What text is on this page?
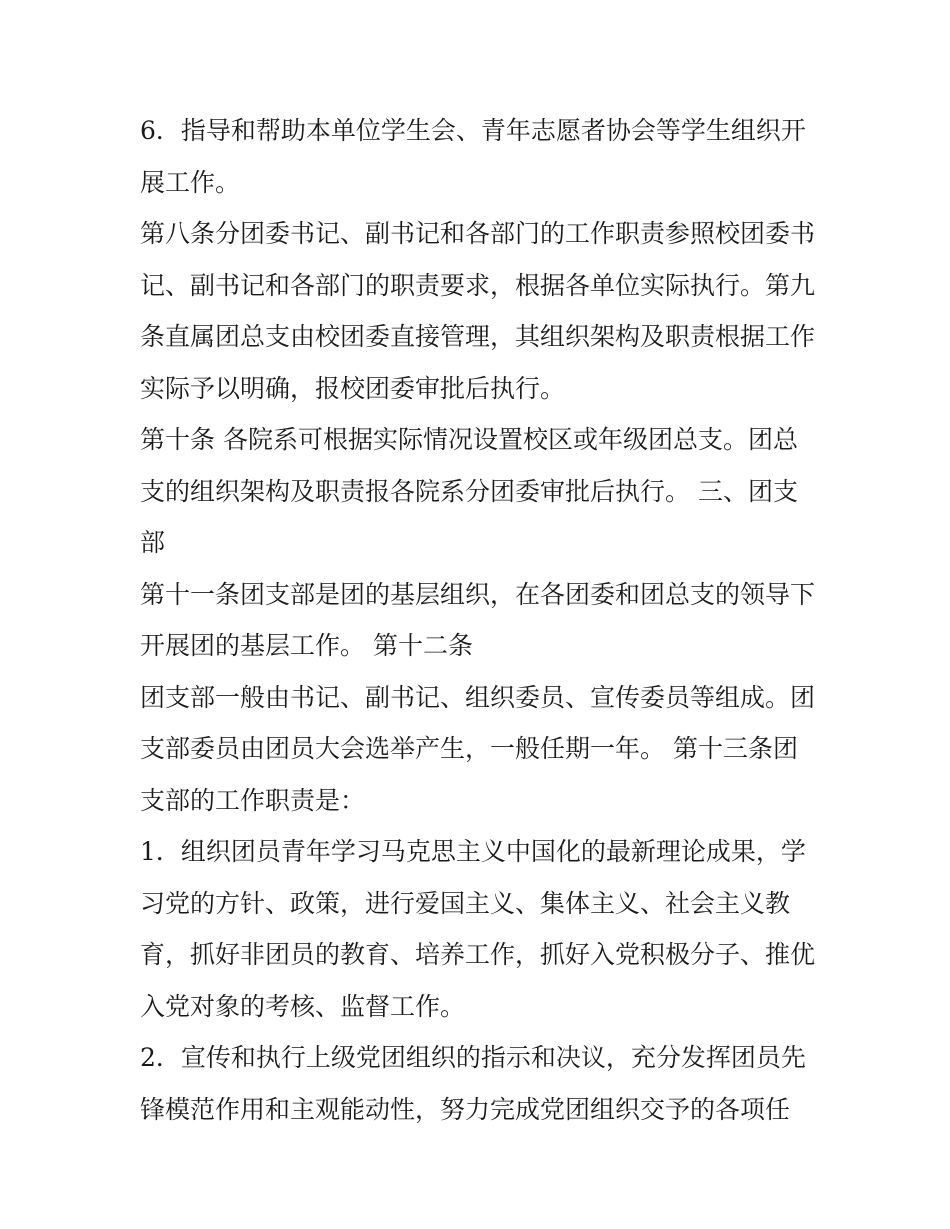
6．指导和帮助本单位学生会、青年志愿者协会等学生组织开展工作。

第八条分团委书记、副书记和各部门的工作职责参照校团委书记、副书记和各部门的职责要求，根据各单位实际执行。第九条直属团总支由校团委直接管理，其组织架构及职责根据工作实际予以明确，报校团委审批后执行。

第十条 各院系可根据实际情况设置校区或年级团总支。团总支的组织架构及职责报各院系分团委审批后执行。 三、团支部

第十一条团支部是团的基层组织，在各团委和团总支的领导下开展团的基层工作。 第十二条

团支部一般由书记、副书记、组织委员、宣传委员等组成。团支部委员由团员大会选举产生，一般任期一年。 第十三条团支部的工作职责是：

1．组织团员青年学习马克思主义中国化的最新理论成果，学习党的方针、政策，进行爱国主义、集体主义、社会主义教育，抓好非团员的教育、培养工作，抓好入党积极分子、推优入党对象的考核、监督工作。

2．宣传和执行上级党团组织的指示和决议，充分发挥团员先锋模范作用和主观能动性，努力完成党团组织交予的各项任
